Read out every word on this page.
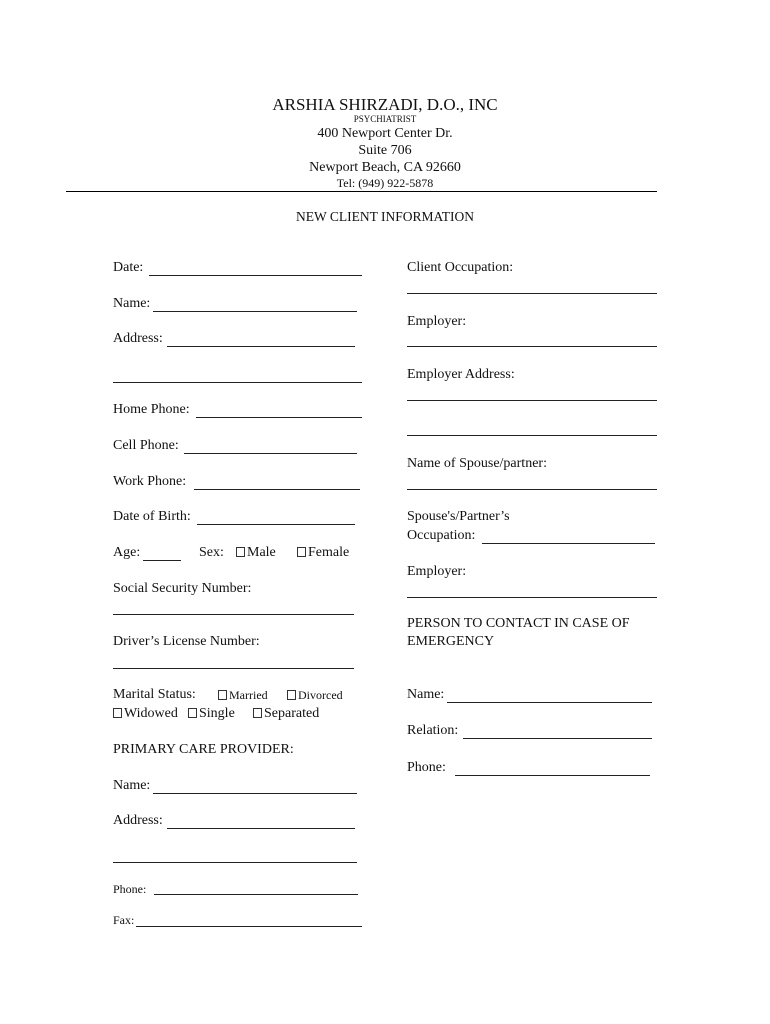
ARSHIA SHIRZADI, D.O., INC
PSYCHIATRIST
400 Newport Center Dr.
Suite 706
Newport Beach, CA 92660
Tel: (949) 922-5878
NEW CLIENT INFORMATION
Date:
Name:
Address:
Home Phone:
Cell Phone:
Work Phone:
Date of Birth:
Age:	Sex:	Male	Female
Social Security Number:
Driver’s License Number:
Marital Status:	Married	Divorced
Widowed	Single	Separated
PRIMARY CARE PROVIDER:
Name:
Address:
Phone:
Fax:
Client Occupation:
Employer:
Employer Address:
Name of Spouse/partner:
Spouse's/Partner’s
Occupation:
Employer:
PERSON TO CONTACT IN CASE OF
EMERGENCY
Name:
Relation:
Phone:
